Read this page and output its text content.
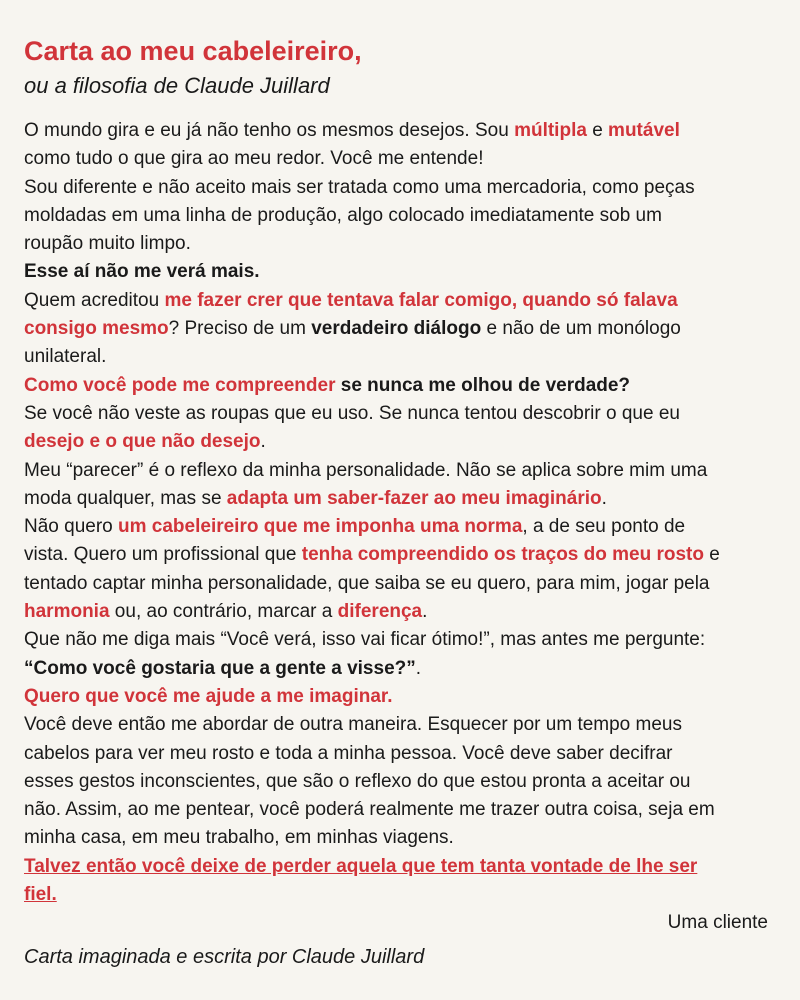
Carta ao meu cabeleireiro,
ou a filosofia de Claude Juillard
O mundo gira e eu já não tenho os mesmos desejos. Sou múltipla e mutável
como tudo o que gira ao meu redor. Você me entende!
Sou diferente e não aceito mais ser tratada como uma mercadoria, como peças
moldadas em uma linha de produção, algo colocado imediatamente sob um
roupão muito limpo.
Esse aí não me verá mais.
Quem acreditou me fazer crer que tentava falar comigo, quando só falava
consigo mesmo? Preciso de um verdadeiro diálogo e não de um monólogo
unilateral.
Como você pode me compreender se nunca me olhou de verdade?
Se você não veste as roupas que eu uso. Se nunca tentou descobrir o que eu
desejo e o que não desejo.
Meu “parecer” é o reflexo da minha personalidade. Não se aplica sobre mim uma
moda qualquer, mas se adapta um saber-fazer ao meu imaginário.
Não quero um cabeleireiro que me imponha uma norma, a de seu ponto de
vista. Quero um profissional que tenha compreendido os traços do meu rosto e
tentado captar minha personalidade, que saiba se eu quero, para mim, jogar pela
harmonia ou, ao contrário, marcar a diferença.
Que não me diga mais “Você verá, isso vai ficar ótimo!”, mas antes me pergunte:
“Como você gostaria que a gente a visse?”.
Quero que você me ajude a me imaginar.
Você deve então me abordar de outra maneira. Esquecer por um tempo meus
cabelos para ver meu rosto e toda a minha pessoa. Você deve saber decifrar
esses gestos inconscientes, que são o reflexo do que estou pronta a aceitar ou
não. Assim, ao me pentear, você poderá realmente me trazer outra coisa, seja em
minha casa, em meu trabalho, em minhas viagens.
Talvez então você deixe de perder aquela que tem tanta vontade de lhe ser
fiel.
Uma cliente
Carta imaginada e escrita por Claude Juillard
